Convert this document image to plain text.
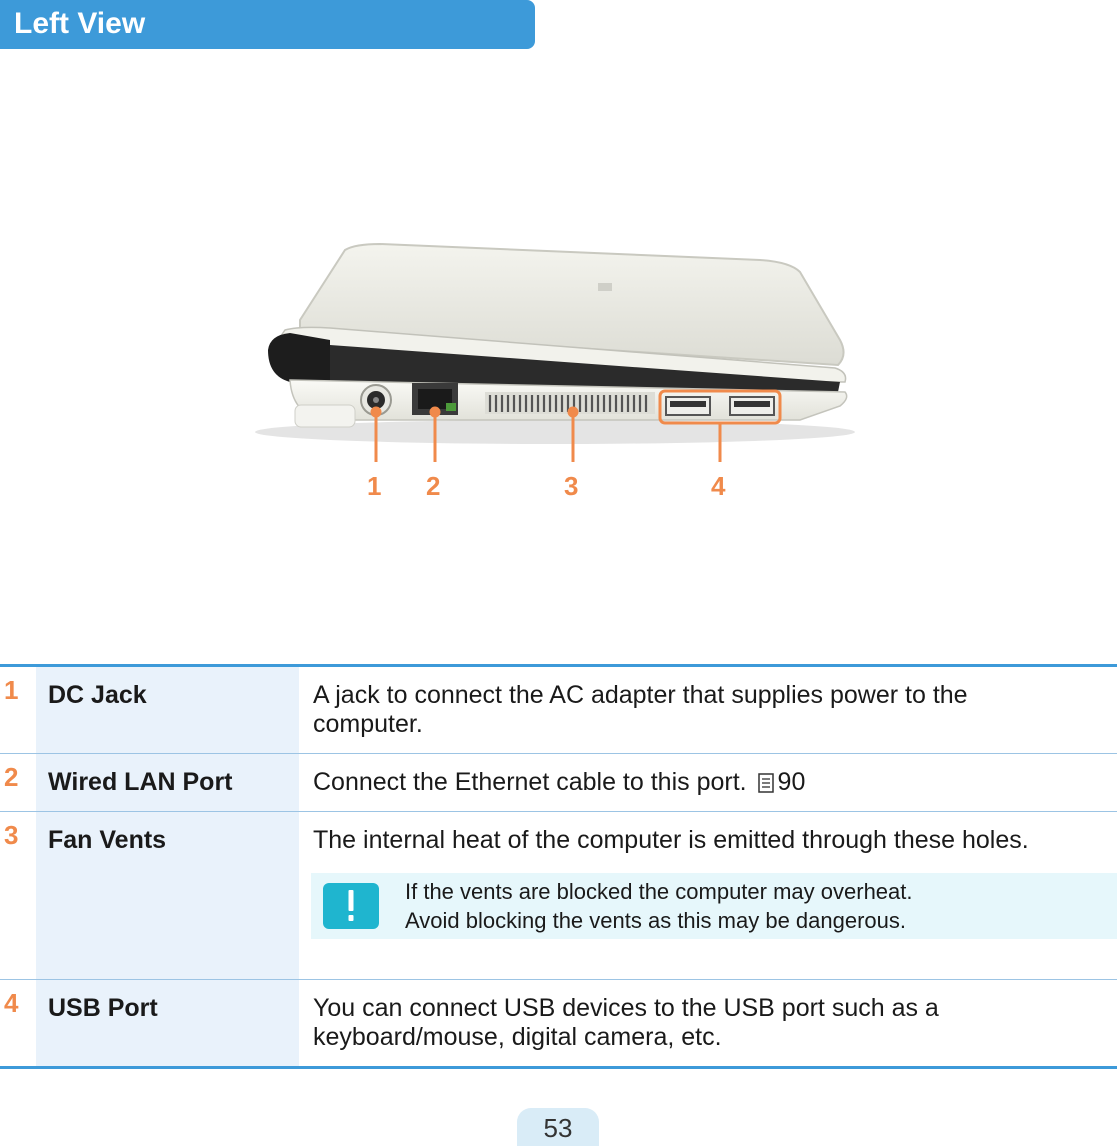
Left View
1 2	3	4
1	DC Jack	A jack to connect the AC adapter that supplies power to the computer.
2	Wired LAN Port	Connect the Ethernet cable to this port. 90
3	Fan Vents	The internal heat of the computer is emitted through these holes.
If the vents are blocked the computer may overheat.
Avoid blocking the vents as this may be dangerous.

4	USB Port	You can connect USB devices to the USB port such as a keyboard/mouse, digital camera, etc.
53
